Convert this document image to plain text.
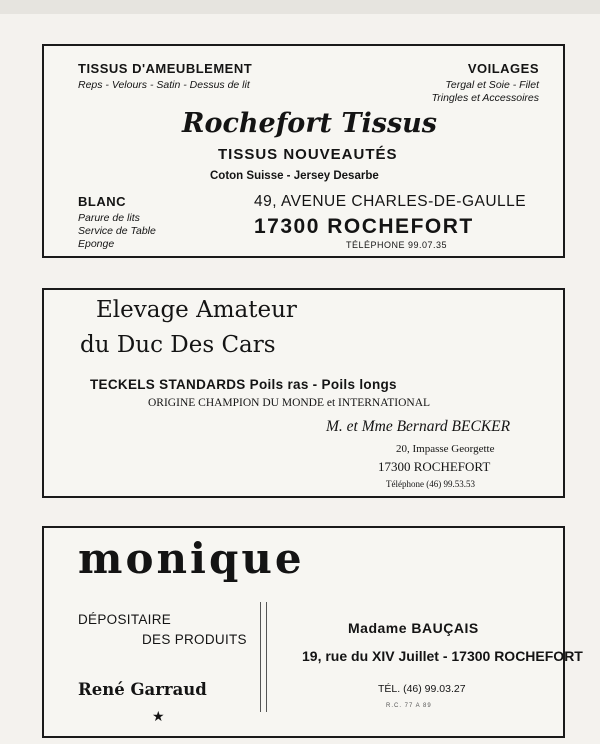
TISSUS D'AMEUBLEMENT
Reps - Velours - Satin - Dessus de lit
VOILAGES
Tergal et Soie - Filet
Tringles et Accessoires
Rochefort Tissus
TISSUS NOUVEAUTÉS
Coton Suisse - Jersey Desarbe
BLANC
Parure de lits
Service de Table
Eponge
49, AVENUE CHARLES-DE-GAULLE
17300 ROCHEFORT
TÉLÉPHONE 99.07.35
Elevage Amateur
du Duc Des Cars
TECKELS STANDARDS Poils ras - Poils longs
ORIGINE CHAMPION DU MONDE et INTERNATIONAL
M. et Mme Bernard BECKER
20, Impasse Georgette
17300 ROCHEFORT
Téléphone (46) 99.53.53
monique
DÉPOSITAIRE
DES PRODUITS
René Garraud
★
Madame BAUÇAIS
19, rue du XIV Juillet - 17300 ROCHEFORT
TÉL. (46) 99.03.27
R.C. 77 A 89
